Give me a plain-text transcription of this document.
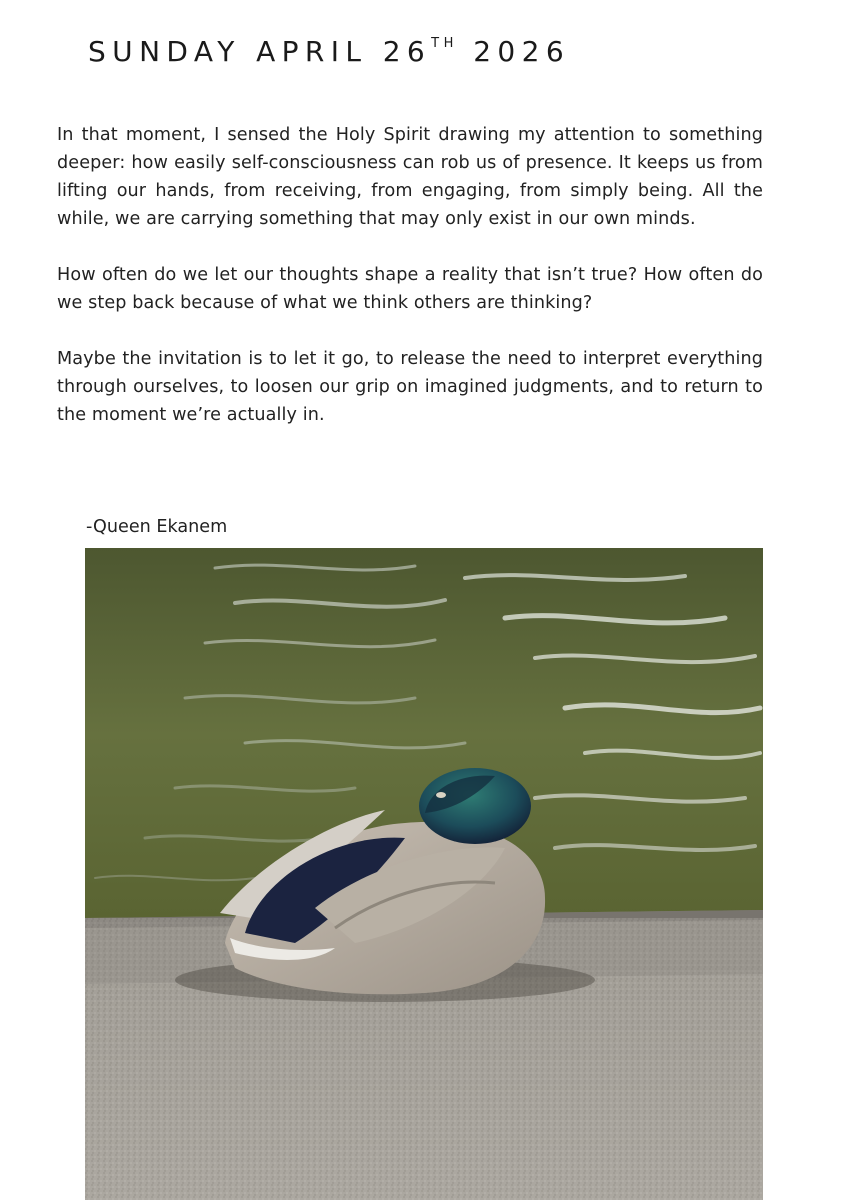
SUNDAY APRIL 26TH 2026

In that moment, I sensed the Holy Spirit drawing my attention to something deeper: how easily self-consciousness can rob us of presence. It keeps us from lifting our hands, from receiving, from engaging, from simply being. All the while, we are carrying something that may only exist in our own minds.

How often do we let our thoughts shape a reality that isn’t true? How often do we step back because of what we think others are thinking?

Maybe the invitation is to let it go, to release the need to interpret everything through ourselves, to loosen our grip on imagined judgments, and to return to the moment we’re actually in.

-Queen Ekanem
